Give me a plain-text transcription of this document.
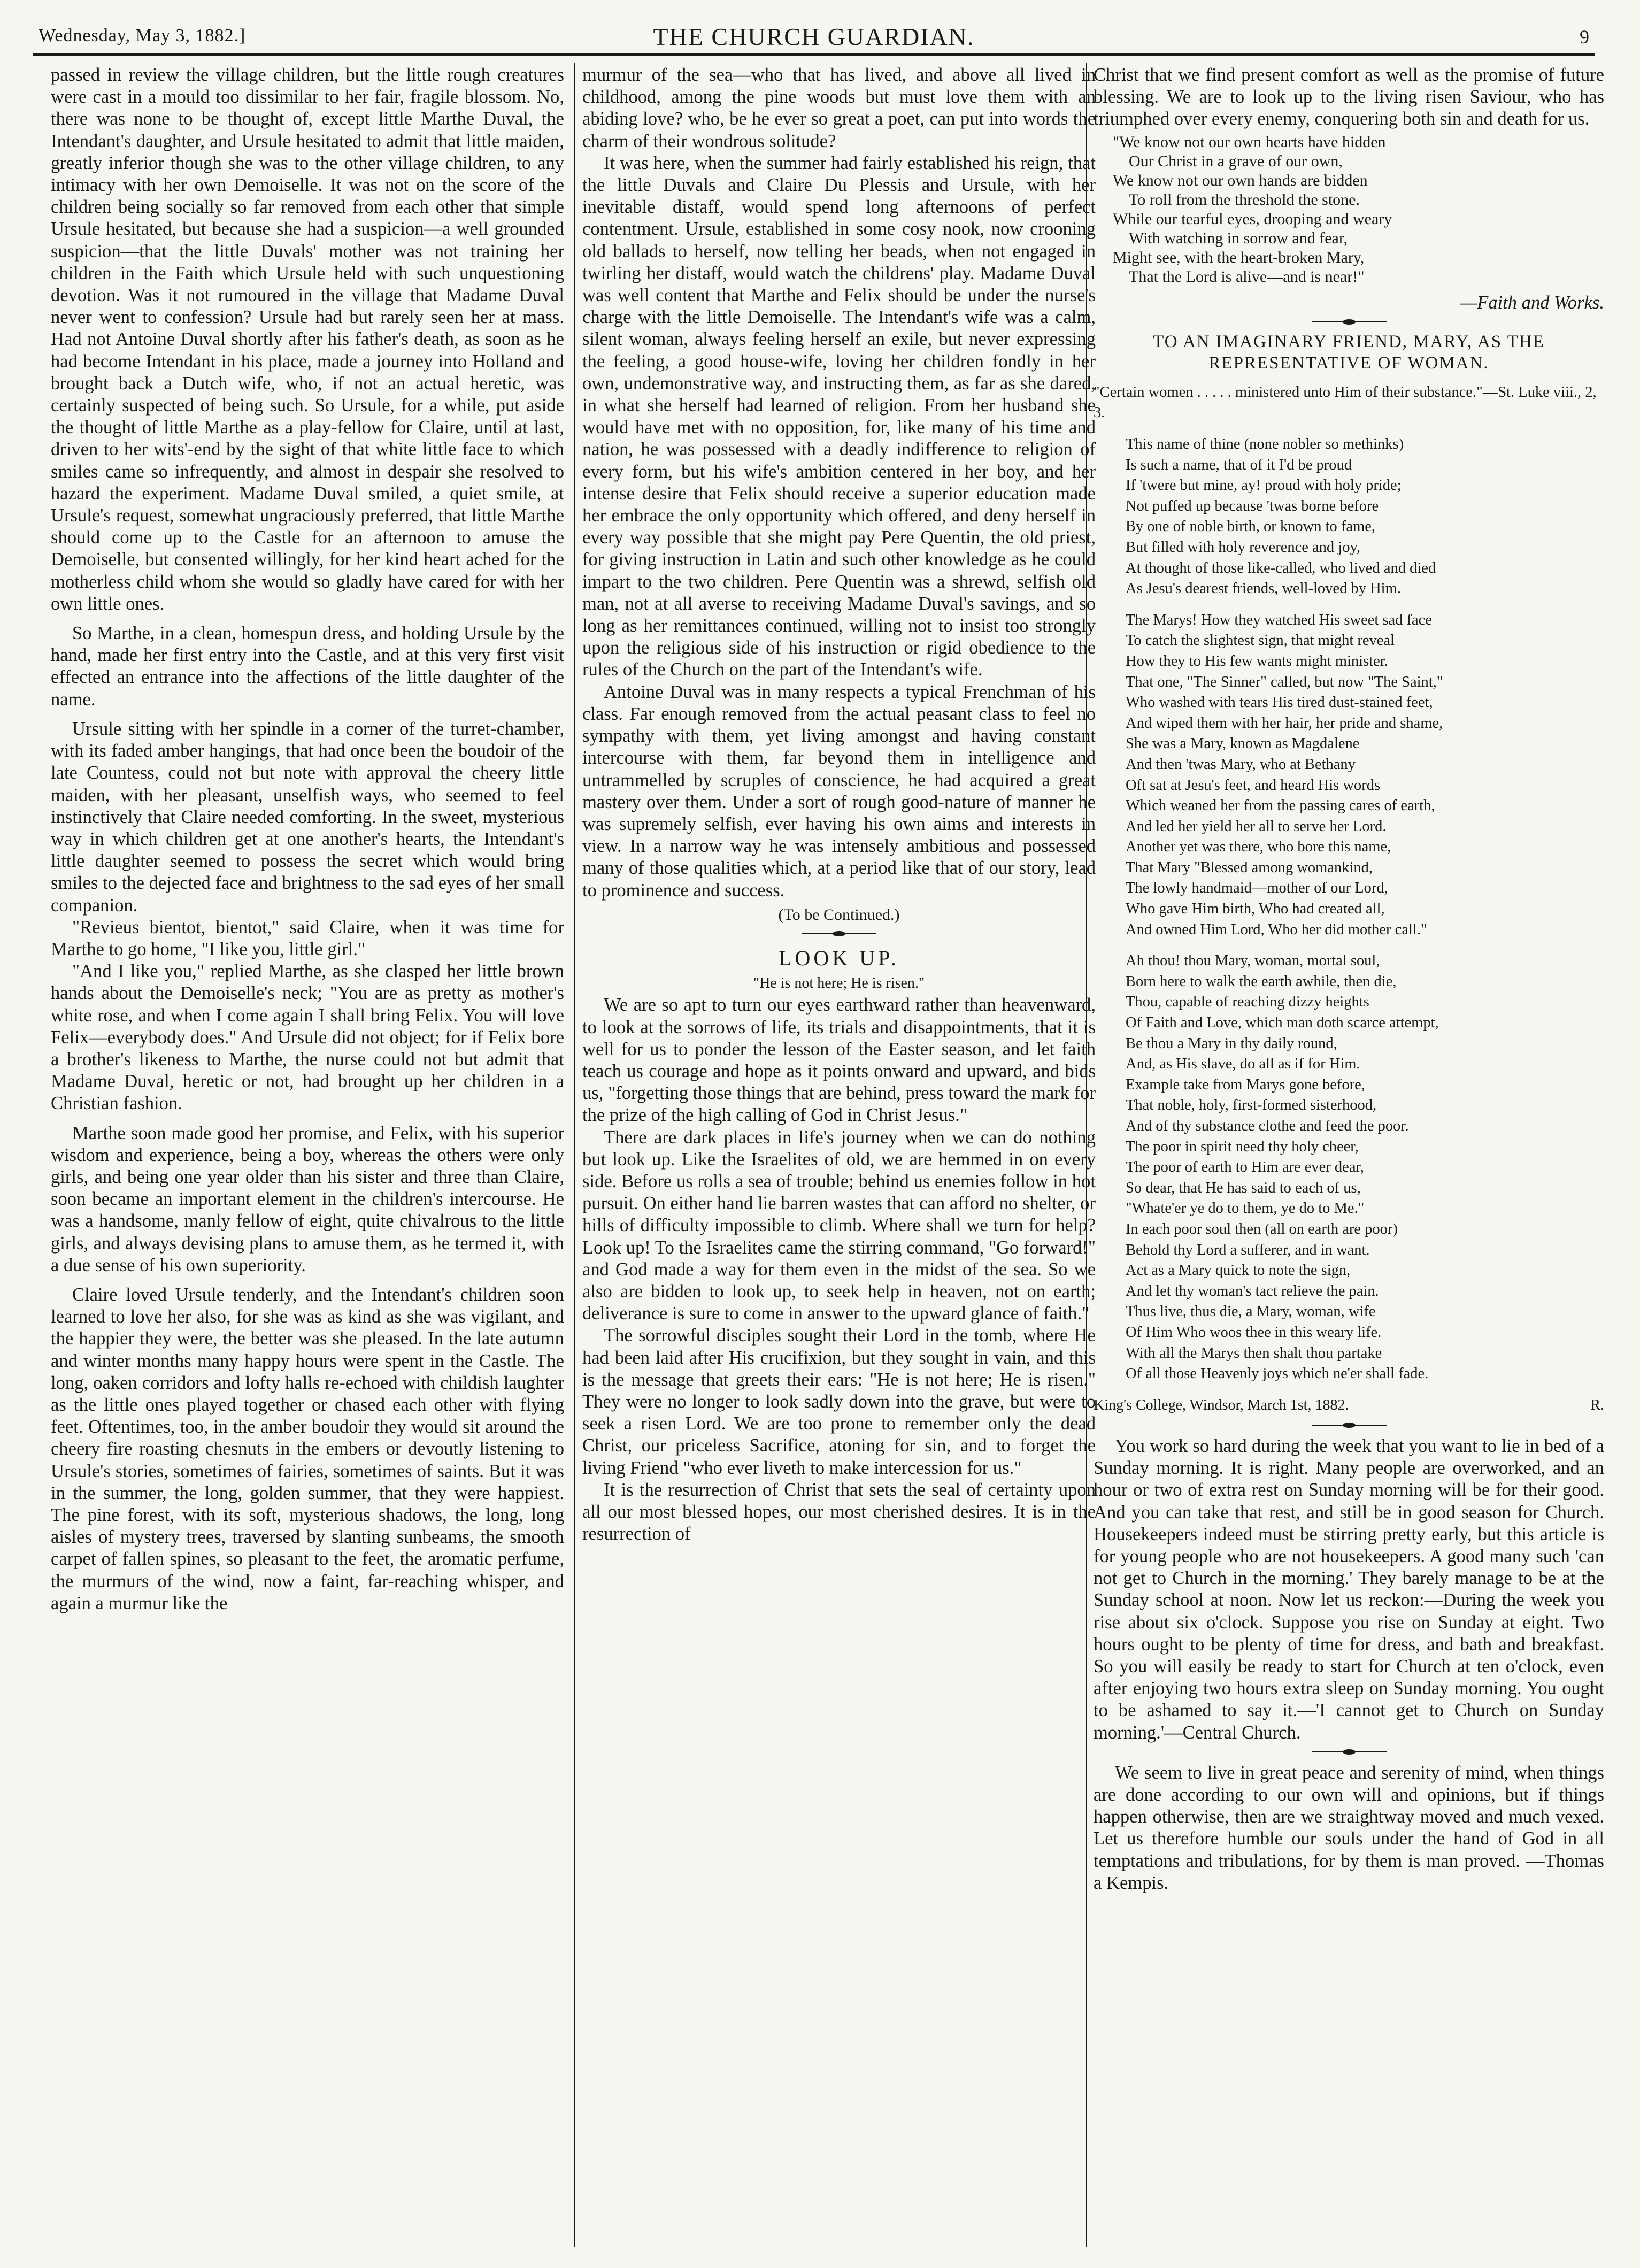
Wednesday, May 3, 1882.]	THE CHURCH GUARDIAN.	9

passed in review the village children, but the little rough creatures were cast in a mould too dissimilar to her fair, fragile blossom. No, there was none to be thought of, except little Marthe Duval, the Intendant's daughter, and Ursule hesitated to admit that little maiden, greatly inferior though she was to the other village children, to any intimacy with her own Demoiselle. It was not on the score of the children being socially so far removed from each other that simple Ursule hesitated, but because she had a suspicion—a well grounded suspicion—that the little Duvals' mother was not training her children in the Faith which Ursule held with such unquestioning devotion. Was it not rumoured in the village that Madame Duval never went to confession? Ursule had but rarely seen her at mass. Had not Antoine Duval shortly after his father's death, as soon as he had become Intendant in his place, made a journey into Holland and brought back a Dutch wife, who, if not an actual heretic, was certainly suspected of being such. So Ursule, for a while, put aside the thought of little Marthe as a play-fellow for Claire, until at last, driven to her wits'-end by the sight of that white little face to which smiles came so infrequently, and almost in despair she resolved to hazard the experiment. Madame Duval smiled, a quiet smile, at Ursule's request, somewhat ungraciously preferred, that little Marthe should come up to the Castle for an afternoon to amuse the Demoiselle, but consented willingly, for her kind heart ached for the motherless child whom she would so gladly have cared for with her own little ones.

So Marthe, in a clean, homespun dress, and holding Ursule by the hand, made her first entry into the Castle, and at this very first visit effected an entrance into the affections of the little daughter of the name.

Ursule sitting with her spindle in a corner of the turret-chamber, with its faded amber hangings, that had once been the boudoir of the late Countess, could not but note with approval the cheery little maiden, with her pleasant, unselfish ways, who seemed to feel instinctively that Claire needed comforting. In the sweet, mysterious way in which children get at one another's hearts, the Intendant's little daughter seemed to possess the secret which would bring smiles to the dejected face and brightness to the sad eyes of her small companion.

"Revieus bientot, bientot," said Claire, when it was time for Marthe to go home, "I like you, little girl."

"And I like you," replied Marthe, as she clasped her little brown hands about the Demoiselle's neck; "You are as pretty as mother's white rose, and when I come again I shall bring Felix. You will love Felix—everybody does." And Ursule did not object; for if Felix bore a brother's likeness to Marthe, the nurse could not but admit that Madame Duval, heretic or not, had brought up her children in a Christian fashion.

Marthe soon made good her promise, and Felix, with his superior wisdom and experience, being a boy, whereas the others were only girls, and being one year older than his sister and three than Claire, soon became an important element in the children's intercourse. He was a handsome, manly fellow of eight, quite chivalrous to the little girls, and always devising plans to amuse them, as he termed it, with a due sense of his own superiority.

Claire loved Ursule tenderly, and the Intendant's children soon learned to love her also, for she was as kind as she was vigilant, and the happier they were, the better was she pleased. In the late autumn and winter months many happy hours were spent in the Castle. The long, oaken corridors and lofty halls re-echoed with childish laughter as the little ones played together or chased each other with flying feet. Oftentimes, too, in the amber boudoir they would sit around the cheery fire roasting chesnuts in the embers or devoutly listening to Ursule's stories, sometimes of fairies, sometimes of saints. But it was in the summer, the long, golden summer, that they were happiest. The pine forest, with its soft, mysterious shadows, the long, long aisles of mystery trees, traversed by slanting sunbeams, the smooth carpet of fallen spines, so pleasant to the feet, the aromatic perfume, the murmurs of the wind, now a faint, far-reaching whisper, and again a murmur like the

murmur of the sea—who that has lived, and above all lived in childhood, among the pine woods but must love them with an abiding love? who, be he ever so great a poet, can put into words the charm of their wondrous solitude?

It was here, when the summer had fairly established his reign, that the little Duvals and Claire Du Plessis and Ursule, with her inevitable distaff, would spend long afternoons of perfect contentment. Ursule, established in some cosy nook, now crooning old ballads to herself, now telling her beads, when not engaged in twirling her distaff, would watch the childrens' play. Madame Duval was well content that Marthe and Felix should be under the nurse's charge with the little Demoiselle. The Intendant's wife was a calm, silent woman, always feeling herself an exile, but never expressing the feeling, a good house-wife, loving her children fondly in her own, undemonstrative way, and instructing them, as far as she dared, in what she herself had learned of religion. From her husband she would have met with no opposition, for, like many of his time and nation, he was possessed with a deadly indifference to religion of every form, but his wife's ambition centered in her boy, and her intense desire that Felix should receive a superior education made her embrace the only opportunity which offered, and deny herself in every way possible that she might pay Pere Quentin, the old priest, for giving instruction in Latin and such other knowledge as he could impart to the two children. Pere Quentin was a shrewd, selfish old man, not at all averse to receiving Madame Duval's savings, and so long as her remittances continued, willing not to insist too strongly upon the religious side of his instruction or rigid obedience to the rules of the Church on the part of the Intendant's wife.

Antoine Duval was in many respects a typical Frenchman of his class. Far enough removed from the actual peasant class to feel no sympathy with them, yet living amongst and having constant intercourse with them, far beyond them in intelligence and untrammelled by scruples of conscience, he had acquired a great mastery over them. Under a sort of rough good-nature of manner he was supremely selfish, ever having his own aims and interests in view. In a narrow way he was intensely ambitious and possessed many of those qualities which, at a period like that of our story, lead to prominence and success.

(To be Continued.)

LOOK UP.

"He is not here; He is risen."

We are so apt to turn our eyes earthward rather than heavenward, to look at the sorrows of life, its trials and disappointments, that it is well for us to ponder the lesson of the Easter season, and let faith teach us courage and hope as it points onward and upward, and bids us, "forgetting those things that are behind, press toward the mark for the prize of the high calling of God in Christ Jesus."

There are dark places in life's journey when we can do nothing but look up. Like the Israelites of old, we are hemmed in on every side. Before us rolls a sea of trouble; behind us enemies follow in hot pursuit. On either hand lie barren wastes that can afford no shelter, or hills of difficulty impossible to climb. Where shall we turn for help? Look up! To the Israelites came the stirring command, "Go forward!" and God made a way for them even in the midst of the sea. So we also are bidden to look up, to seek help in heaven, not on earth; deliverance is sure to come in answer to the upward glance of faith."

The sorrowful disciples sought their Lord in the tomb, where He had been laid after His crucifixion, but they sought in vain, and this is the message that greets their ears: "He is not here; He is risen." They were no longer to look sadly down into the grave, but were to seek a risen Lord. We are too prone to remember only the dead Christ, our priceless Sacrifice, atoning for sin, and to forget the living Friend "who ever liveth to make intercession for us."

It is the resurrection of Christ that sets the seal of certainty upon all our most blessed hopes, our most cherished desires. It is in the resurrection of

Christ that we find present comfort as well as the promise of future blessing. We are to look up to the living risen Saviour, who has triumphed over every enemy, conquering both sin and death for us.

"We know not our own hearts have hidden
Our Christ in a grave of our own,
We know not our own hands are bidden
To roll from the threshold the stone.
While our tearful eyes, drooping and weary
With watching in sorrow and fear,
Might see, with the heart-broken Mary,
That the Lord is alive—and is near!"

—Faith and Works.

TO AN IMAGINARY FRIEND, MARY, AS THE REPRESENTATIVE OF WOMAN.
"Certain women . . . . . ministered unto Him of their substance."—St. Luke viii., 2, 3.
This name of thine (none nobler so methinks)
Is such a name, that of it I'd be proud
If 'twere but mine, ay! proud with holy pride;
Not puffed up because 'twas borne before
By one of noble birth, or known to fame,
But filled with holy reverence and joy,
At thought of those like-called, who lived and died
As Jesu's dearest friends, well-loved by Him.
The Marys! How they watched His sweet sad face
To catch the slightest sign, that might reveal
How they to His few wants might minister.
That one, "The Sinner" called, but now "The Saint,"
Who washed with tears His tired dust-stained feet,
And wiped them with her hair, her pride and shame,
She was a Mary, known as Magdalene
And then 'twas Mary, who at Bethany
Oft sat at Jesu's feet, and heard His words
Which weaned her from the passing cares of earth,
And led her yield her all to serve her Lord.
Another yet was there, who bore this name,
That Mary "Blessed among womankind,
The lowly handmaid—mother of our Lord,
Who gave Him birth, Who had created all,
And owned Him Lord, Who her did mother call."
Ah thou! thou Mary, woman, mortal soul,
Born here to walk the earth awhile, then die,
Thou, capable of reaching dizzy heights
Of Faith and Love, which man doth scarce attempt,
Be thou a Mary in thy daily round,
And, as His slave, do all as if for Him.
Example take from Marys gone before,
That noble, holy, first-formed sisterhood,
And of thy substance clothe and feed the poor.
The poor in spirit need thy holy cheer,
The poor of earth to Him are ever dear,
So dear, that He has said to each of us,
"Whate'er ye do to them, ye do to Me."
In each poor soul then (all on earth are poor)
Behold thy Lord a sufferer, and in want.
Act as a Mary quick to note the sign,
And let thy woman's tact relieve the pain.
Thus live, thus die, a Mary, woman, wife
Of Him Who woos thee in this weary life.
With all the Marys then shalt thou partake
Of all those Heavenly joys which ne'er shall fade.
King's College, Windsor, March 1st, 1882.	R.

You work so hard during the week that you want to lie in bed of a Sunday morning. It is right. Many people are overworked, and an hour or two of extra rest on Sunday morning will be for their good. And you can take that rest, and still be in good season for Church. Housekeepers indeed must be stirring pretty early, but this article is for young people who are not housekeepers. A good many such 'can not get to Church in the morning.' They barely manage to be at the Sunday school at noon. Now let us reckon:—During the week you rise about six o'clock. Suppose you rise on Sunday at eight. Two hours ought to be plenty of time for dress, and bath and breakfast. So you will easily be ready to start for Church at ten o'clock, even after enjoying two hours extra sleep on Sunday morning. You ought to be ashamed to say it.—'I cannot get to Church on Sunday morning.'—Central Church.

We seem to live in great peace and serenity of mind, when things are done according to our own will and opinions, but if things happen otherwise, then are we straightway moved and much vexed. Let us therefore humble our souls under the hand of God in all temptations and tribulations, for by them is man proved. —Thomas a Kempis.
